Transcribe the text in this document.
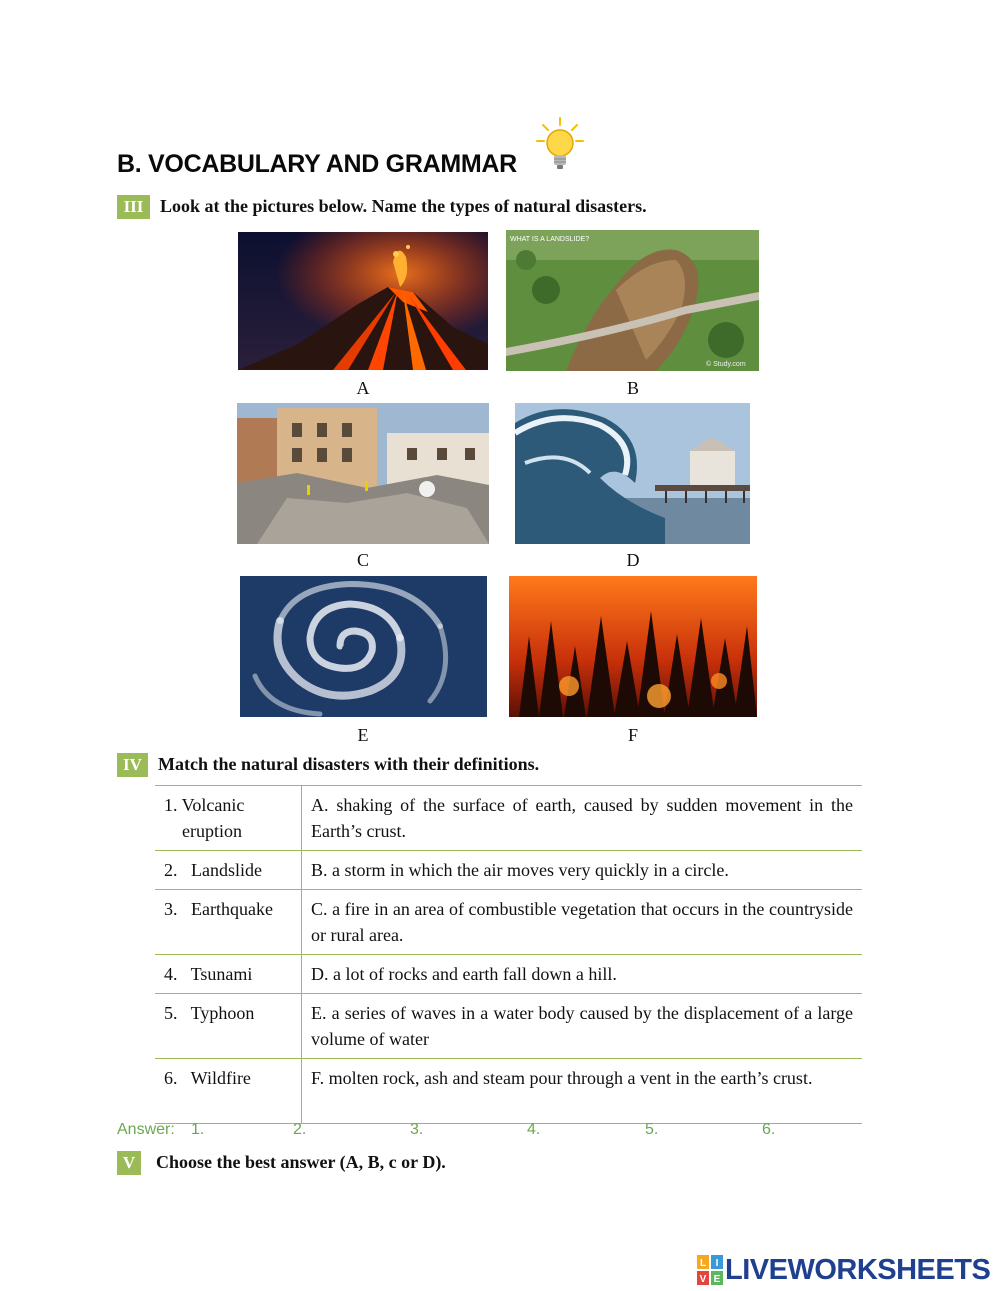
B. VOCABULARY AND GRAMMAR
III Look at the pictures below. Name the types of natural disasters.
A
WHAT IS A LANDSLIDE?
© Study.com
B
C	D
E	F
IV Match the natural disasters with their definitions.
1. Volcanic
eruption	A. shaking of the surface of earth, caused by sudden movement in the Earth’s crust.
2.   Landslide	B. a storm in which the air moves very quickly in a circle.
3.   Earthquake	C. a fire in an area of combustible vegetation that occurs in the countryside or rural area.
4.   Tsunami	D. a lot of rocks and earth fall down a hill.
5.   Typhoon	E. a series of waves in a water body caused by the displacement of a large volume of water
6.   Wildfire	F. molten rock, ash and steam pour through a vent in the earth’s crust.
Answer: 1.	2.	3.	4.	5.	6.
V	Choose the best answer (A, B, c or D).
L I
V E LIVEWORKSHEETS
